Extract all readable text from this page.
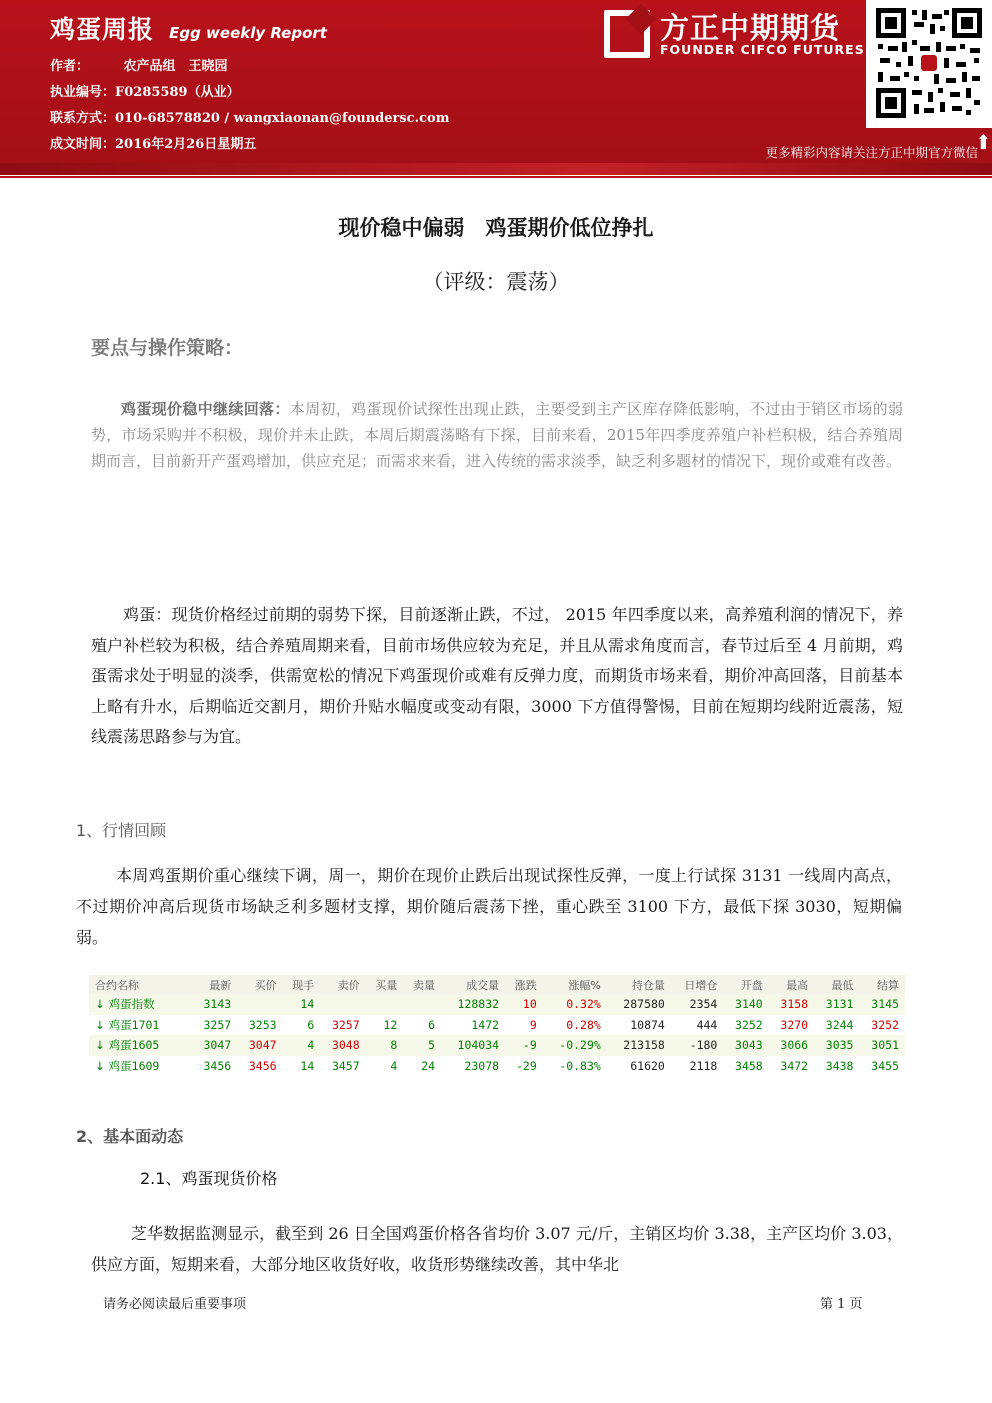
鸡蛋周报 Egg weekly Report
作者：	农产品组　王晓园
执业编号：F0285589（从业）
联系方式：010-68578820 / wangxiaonan@foundersc.com
成文时间：2016年2月26日星期五
方正中期期货
FOUNDER CIFCO FUTURES
⬆
更多精彩内容请关注方正中期官方微信
现价稳中偏弱　鸡蛋期价低位挣扎
（评级：震荡）
要点与操作策略：

鸡蛋现价稳中继续回落：本周初，鸡蛋现价试探性出现止跌，主要受到主产区库存降低影响，不过由于销区市场的弱势，市场采购并不积极，现价并未止跌，本周后期震荡略有下探，目前来看，2015年四季度养殖户补栏积极，结合养殖周期而言，目前新开产蛋鸡增加，供应充足；而需求来看，进入传统的需求淡季，缺乏利多题材的情况下，现价或难有改善。

鸡蛋：现货价格经过前期的弱势下探，目前逐渐止跌，不过， 2015 年四季度以来，高养殖利润的情况下，养殖户补栏较为积极，结合养殖周期来看，目前市场供应较为充足，并且从需求角度而言，春节过后至 4 月前期，鸡蛋需求处于明显的淡季，供需宽松的情况下鸡蛋现价或难有反弹力度，而期货市场来看，期价冲高回落，目前基本上略有升水，后期临近交割月，期价升贴水幅度或变动有限，3000 下方值得警惕，目前在短期均线附近震荡，短线震荡思路参与为宜。

1、行情回顾

本周鸡蛋期价重心继续下调，周一，期价在现价止跌后出现试探性反弹，一度上行试探 3131 一线周内高点，不过期价冲高后现货市场缺乏利多题材支撑，期价随后震荡下挫，重心跌至 3100 下方，最低下探 3030，短期偏弱。

合约名称	最新	买价	现手	卖价	买量	卖量	成交量	涨跌	涨幅%	持仓量	日增仓	开盘	最高	最低	结算
↓ 鸡蛋指数	3143		14				128832	10	0.32%	287580	2354	3140	3158	3131	3145
↓ 鸡蛋1701	3257	3253	6	3257	12	6	1472	9	0.28%	10874	444	3252	3270	3244	3252
↓ 鸡蛋1605	3047	3047	4	3048	8	5	104034	-9	-0.29%	213158	-180	3043	3066	3035	3051
↓ 鸡蛋1609	3456	3456	14	3457	4	24	23078	-29	-0.83%	61620	2118	3458	3472	3438	3455
2、基本面动态
2.1、鸡蛋现货价格

芝华数据监测显示，截至到 26 日全国鸡蛋价格各省均价 3.07 元/斤，主销区均价 3.38，主产区均价 3.03，供应方面，短期来看，大部分地区收货好收，收货形势继续改善，其中华北

请务必阅读最后重要事项	第 1 页
